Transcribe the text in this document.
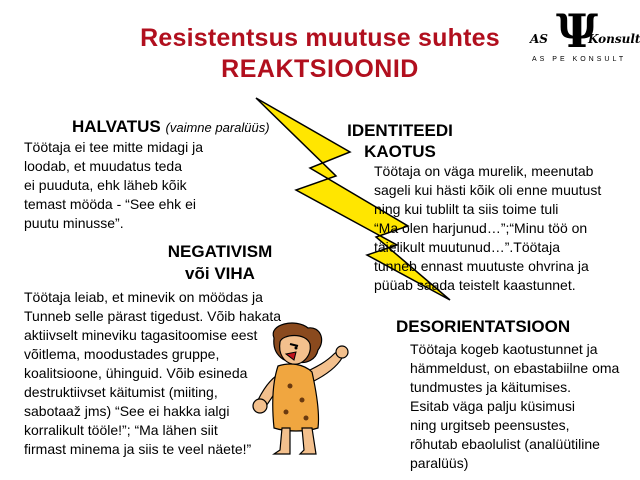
Resistentsus muutuse suhtes
REAKTSIOONID
Ψ
AS	Konsult
AS PE KONSULT
HALVATUS (vaimne paralüüs)
Töötaja ei tee mitte midagi ja
loodab, et muudatus teda
ei puuduta, ehk läheb kõik
temast mööda - “See ehk ei
puutu minusse”.
NEGATIVISM
või VIHA
Töötaja leiab, et minevik on möödas ja
Tunneb selle pärast tigedust. Võib hakata
aktiivselt mineviku tagasitoomise eest
võitlema, moodustades gruppe,
koalitsioone, ühinguid. Võib esineda
destruktiivset käitumist (miiting,
sabotaaž jms) “See ei hakka ialgi
korralikult tööle!”; “Ma lähen siit
firmast minema ja siis te veel näete!”
IDENTITEEDI
KAOTUS
Töötaja on väga murelik, meenutab
sageli kui hästi kõik oli enne muutust
ning kui tublilt ta siis toime tuli
“Ma olen harjunud…”;“Minu töö on
täielikult muutunud…”.Töötaja
tunneb ennast muutuste ohvrina ja
püüab saada teistelt kaastunnet.
DESORIENTATSIOON
Töötaja kogeb kaotustunnet ja
hämmeldust, on ebastabiilne oma
tundmustes ja käitumises.
Esitab väga palju küsimusi
ning urgitseb peensustes,
rõhutab ebaolulist (analüütiline
paralüüs)
